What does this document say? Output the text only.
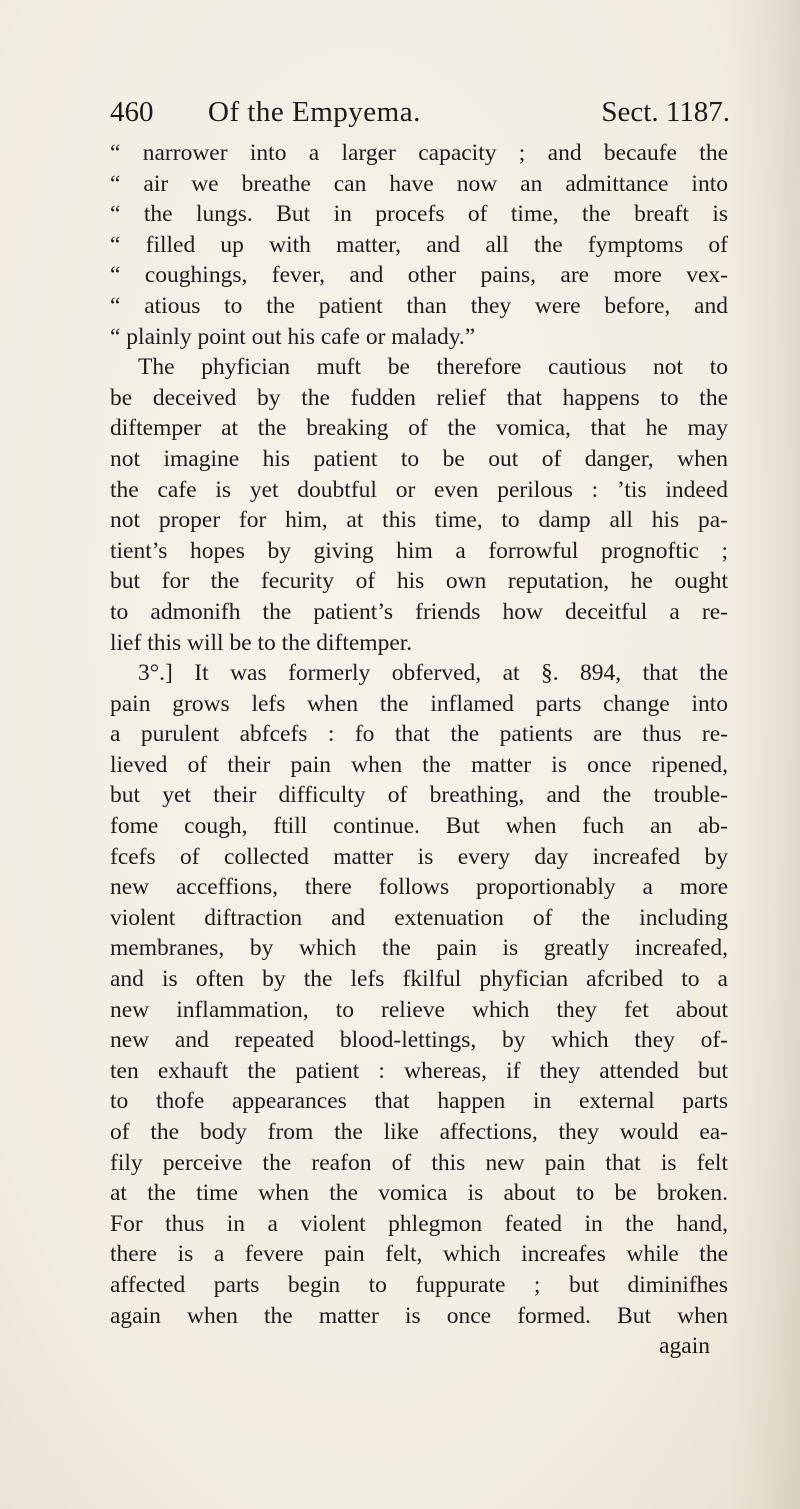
460 Of the Empyema.	Sect. 1187.
“ narrower into a larger capacity ; and becaufe the
“ air we breathe can have now an admittance into
“ the lungs. But in procefs of time, the breaft is
“ filled up with matter, and all the fymptoms of
“ coughings, fever, and other pains, are more vex-
“ atious to the patient than they were before, and
“ plainly point out his cafe or malady.”
The phyfician muft be therefore cautious not to
be deceived by the fudden relief that happens to the
diftemper at the breaking of the vomica, that he may
not imagine his patient to be out of danger, when
the cafe is yet doubtful or even perilous : ’tis indeed
not proper for him, at this time, to damp all his pa-
tient’s hopes by giving him a forrowful prognoftic ;
but for the fecurity of his own reputation, he ought
to admonifh the patient’s friends how deceitful a re-
lief this will be to the diftemper.
3°.] It was formerly obferved, at §. 894, that the
pain grows lefs when the inflamed parts change into
a purulent abfcefs : fo that the patients are thus re-
lieved of their pain when the matter is once ripened,
but yet their difficulty of breathing, and the trouble-
fome cough, ftill continue. But when fuch an ab-
fcefs of collected matter is every day increafed by
new acceffions, there follows proportionably a more
violent diftraction and extenuation of the including
membranes, by which the pain is greatly increafed,
and is often by the lefs fkilful phyfician afcribed to a
new inflammation, to relieve which they fet about
new and repeated blood-lettings, by which they of-
ten exhauft the patient : whereas, if they attended but
to thofe appearances that happen in external parts
of the body from the like affections, they would ea-
fily perceive the reafon of this new pain that is felt
at the time when the vomica is about to be broken.
For thus in a violent phlegmon feated in the hand,
there is a fevere pain felt, which increafes while the
affected parts begin to fuppurate ; but diminifhes
again when the matter is once formed. But when
again
